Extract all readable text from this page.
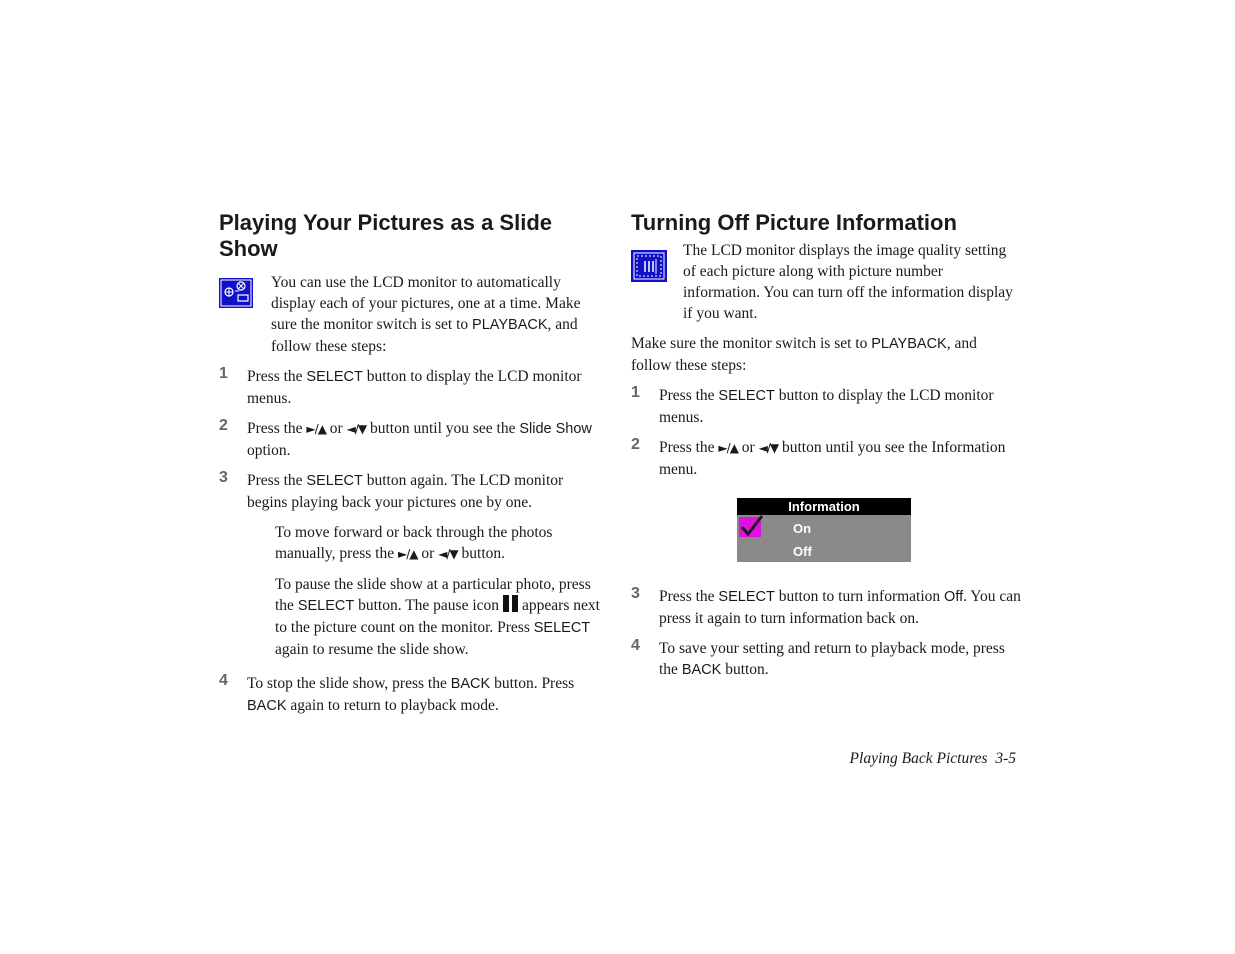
Playing Your Pictures as a Slide Show

You can use the LCD monitor to automatically display each of your pictures, one at a time. Make sure the monitor switch is set to PLAYBACK, and follow these steps:

1	Press the SELECT button to display the LCD monitor menus.

2	Press the ►/▲ or ◄/▼ button until you see the Slide Show option.

3	Press the SELECT button again. The LCD monitor begins playing back your pictures one by one.

To move forward or back through the photos manually, press the ►/▲ or ◄/▼ button.

To pause the slide show at a particular photo, press the SELECT button. The pause icon appears next to the picture count on the monitor. Press SELECT again to resume the slide show.

4	To stop the slide show, press the BACK button. Press BACK again to return to playback mode.

Turning Off Picture Information

The LCD monitor displays the image quality setting of each picture along with picture number information. You can turn off the information display if you want.

Make sure the monitor switch is set to PLAYBACK, and follow these steps:

1	Press the SELECT button to display the LCD monitor menus.

2	Press the ►/▲ or ◄/▼ button until you see the Information menu.

Information
On
Off
3	Press the SELECT button to turn information Off. You can press it again to turn information back on.

4	To save your setting and return to playback mode, press the BACK button.

Playing Back Pictures 3-5
